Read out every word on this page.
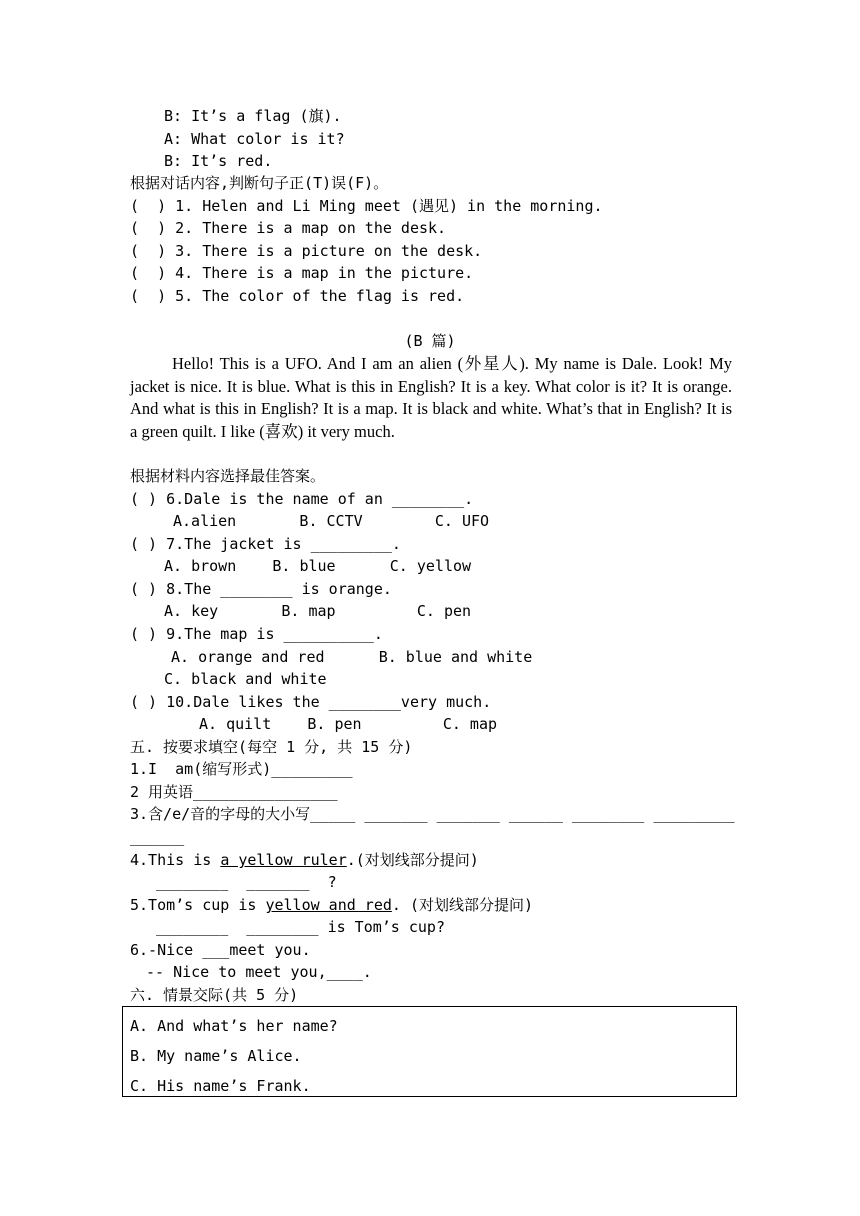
B: It’s a flag (旗).
A: What color is it?
B: It’s red.
根据对话内容,判断句子正(T)误(F)。
(  ) 1. Helen and Li Ming meet (遇见) in the morning.
(  ) 2. There is a map on the desk.
(  ) 3. There is a picture on the desk.
(  ) 4. There is a map in the picture.
(  ) 5. The color of the flag is red.
(B 篇)
Hello! This is a UFO. And I am an alien (外星人). My name is Dale. Look! My jacket is nice. It is blue. What is this in English? It is a key. What color is it? It is orange. And what is this in English? It is a map. It is black and white. What’s that in English? It is a green quilt. I like (喜欢) it very much.
根据材料内容选择最佳答案。
( ) 6.Dale is the name of an ________.
A.alien       B. CCTV        C. UFO
( ) 7.The jacket is _________.
A. brown    B. blue      C. yellow
( ) 8.The ________ is orange.
A. key       B. map         C. pen
( ) 9.The map is __________.
A. orange and red      B. blue and white
C. black and white
( ) 10.Dale likes the ________very much.
A. quilt    B. pen         C. map
五. 按要求填空(每空 1 分, 共 15 分)
1.I  am(缩写形式)_________
2 用英语________________
3.含/e/音的字母的大小写_____ _______ _______ ______ ________ _________
______
4.This is a yellow ruler.(对划线部分提问)
________  _______  ?
5.Tom’s cup is yellow and red. (对划线部分提问)
________  ________ is Tom’s cup?
6.-Nice ___meet you.
-- Nice to meet you,____.
六. 情景交际(共 5 分)
A. And what’s her name?
B. My name’s Alice.
C. His name’s Frank.
